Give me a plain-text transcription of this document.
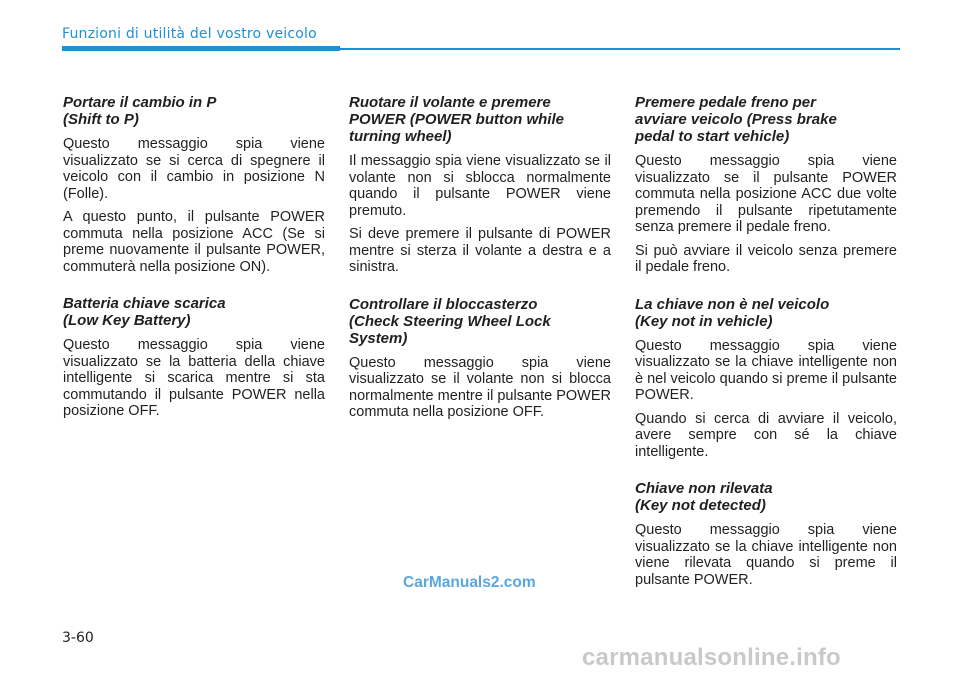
Funzioni di utilità del vostro veicolo
Portare il cambio in P
(Shift to P)

Questo messaggio spia viene visualizzato se si cerca di spegnere il veicolo con il cambio in posizione N (Folle).

A questo punto, il pulsante POWER commuta nella posizione ACC (Se si preme nuovamente il pulsante POWER, commuterà nella posizione ON).

Batteria chiave scarica
(Low Key Battery)

Questo messaggio spia viene visualizzato se la batteria della chiave intelligente si scarica mentre si sta commutando il pulsante POWER nella posizione OFF.

Ruotare il volante e premere
POWER (POWER button while
turning wheel)

Il messaggio spia viene visualizzato se il volante non si sblocca normalmente quando il pulsante POWER viene premuto.

Si deve premere il pulsante di POWER mentre si sterza il volante a destra e a sinistra.

Controllare il bloccasterzo
(Check Steering Wheel Lock
System)

Questo messaggio spia viene visualizzato se il volante non si blocca normalmente mentre il pulsante POWER commuta nella posizione OFF.

Premere pedale freno per
avviare veicolo (Press brake
pedal to start vehicle)

Questo messaggio spia viene visualizzato se il pulsante POWER commuta nella posizione ACC due volte premendo il pulsante ripetutamente senza premere il pedale freno.

Si può avviare il veicolo senza premere il pedale freno.

La chiave non è nel veicolo
(Key not in vehicle)

Questo messaggio spia viene visualizzato se la chiave intelligente non è nel veicolo quando si preme il pulsante POWER.

Quando si cerca di avviare il veicolo, avere sempre con sé la chiave intelligente.

Chiave non rilevata
(Key not detected)

Questo messaggio spia viene visualizzato se la chiave intelligente non viene rilevata quando si preme il pulsante POWER.

CarManuals2.com
3-60
carmanualsonline.info
